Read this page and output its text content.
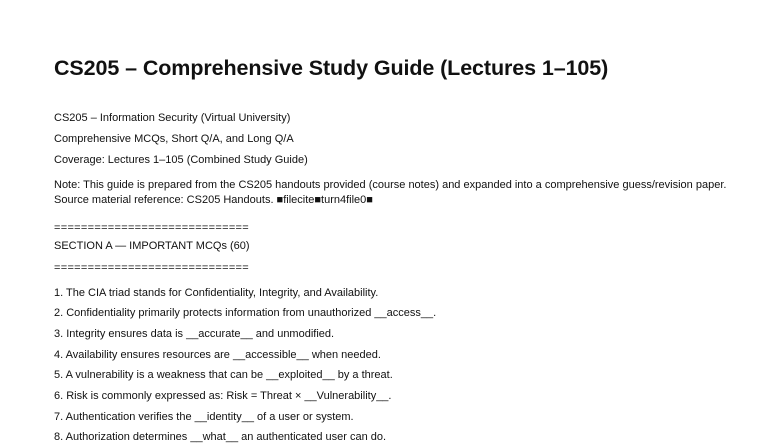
CS205 – Comprehensive Study Guide (Lectures 1–105)
CS205 – Information Security (Virtual University)
Comprehensive MCQs, Short Q/A, and Long Q/A
Coverage: Lectures 1–105 (Combined Study Guide)
Note: This guide is prepared from the CS205 handouts provided (course notes) and expanded into a comprehensive guess/revision paper. Source material reference: CS205 Handouts. ■filecite■turn4file0■
=============================
SECTION A — IMPORTANT MCQs (60)
=============================
1. The CIA triad stands for Confidentiality, Integrity, and Availability.
2. Confidentiality primarily protects information from unauthorized __access__.
3. Integrity ensures data is __accurate__ and unmodified.
4. Availability ensures resources are __accessible__ when needed.
5. A vulnerability is a weakness that can be __exploited__ by a threat.
6. Risk is commonly expressed as: Risk = Threat × __Vulnerability__.
7. Authentication verifies the __identity__ of a user or system.
8. Authorization determines __what__ an authenticated user can do.
